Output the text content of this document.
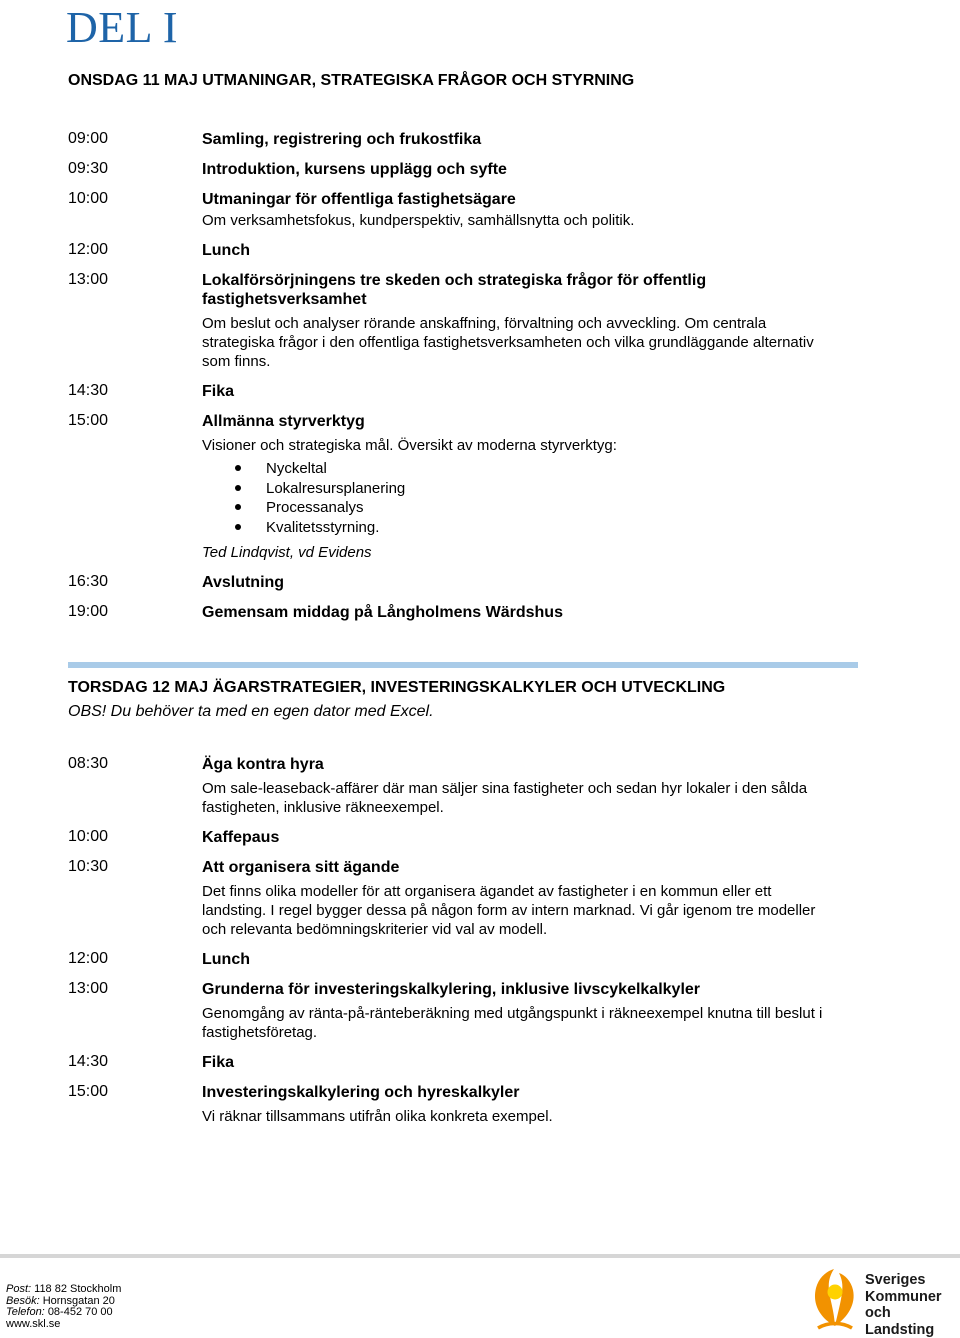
DEL I
ONSDAG 11 MAJ UTMANINGAR, STRATEGISKA FRÅGOR OCH STYRNING
09:00	Samling, registrering och frukostfika
09:30	Introduktion, kursens upplägg och syfte
10:00	Utmaningar för offentliga fastighetsägare
Om verksamhetsfokus, kundperspektiv, samhällsnytta och politik.
12:00	Lunch
13:00	Lokalförsörjningens tre skeden och strategiska frågor för offentlig fastighetsverksamhet
Om beslut och analyser rörande anskaffning, förvaltning och avveckling. Om centrala strategiska frågor i den offentliga fastighetsverksamheten och vilka grundläggande alternativ som finns.
14:30	Fika
15:00	Allmänna styrverktyg
Visioner och strategiska mål. Översikt av moderna styrverktyg:
Nyckeltal
Lokalresursplanering
Processanalys
Kvalitetsstyrning.
Ted Lindqvist, vd Evidens
16:30	Avslutning
19:00	Gemensam middag på Långholmens Wärdshus
TORSDAG 12 MAJ ÄGARSTRATEGIER, INVESTERINGSKALKYLER OCH UTVECKLING
OBS! Du behöver ta med en egen dator med Excel.
08:30	Äga kontra hyra
Om sale-leaseback-affärer där man säljer sina fastigheter och sedan hyr lokaler i den sålda fastigheten, inklusive räkneexempel.
10:00	Kaffepaus
10:30	Att organisera sitt ägande
Det finns olika modeller för att organisera ägandet av fastigheter i en kommun eller ett landsting. I regel bygger dessa på någon form av intern marknad. Vi går igenom tre modeller och relevanta bedömningskriterier vid val av modell.
12:00	Lunch
13:00	Grunderna för investeringskalkylering, inklusive livscykelkalkyler
Genomgång av ränta-på-ränteberäkning med utgångspunkt i räkneexempel knutna till beslut i fastighetsföretag.
14:30	Fika
15:00	Investeringskalkylering och hyreskalkyler
Vi räknar tillsammans utifrån olika konkreta exempel.
Post: 118 82 Stockholm
Besök: Hornsgatan 20
Telefon: 08-452 70 00
www.skl.se
Sveriges
Kommuner
och Landsting
